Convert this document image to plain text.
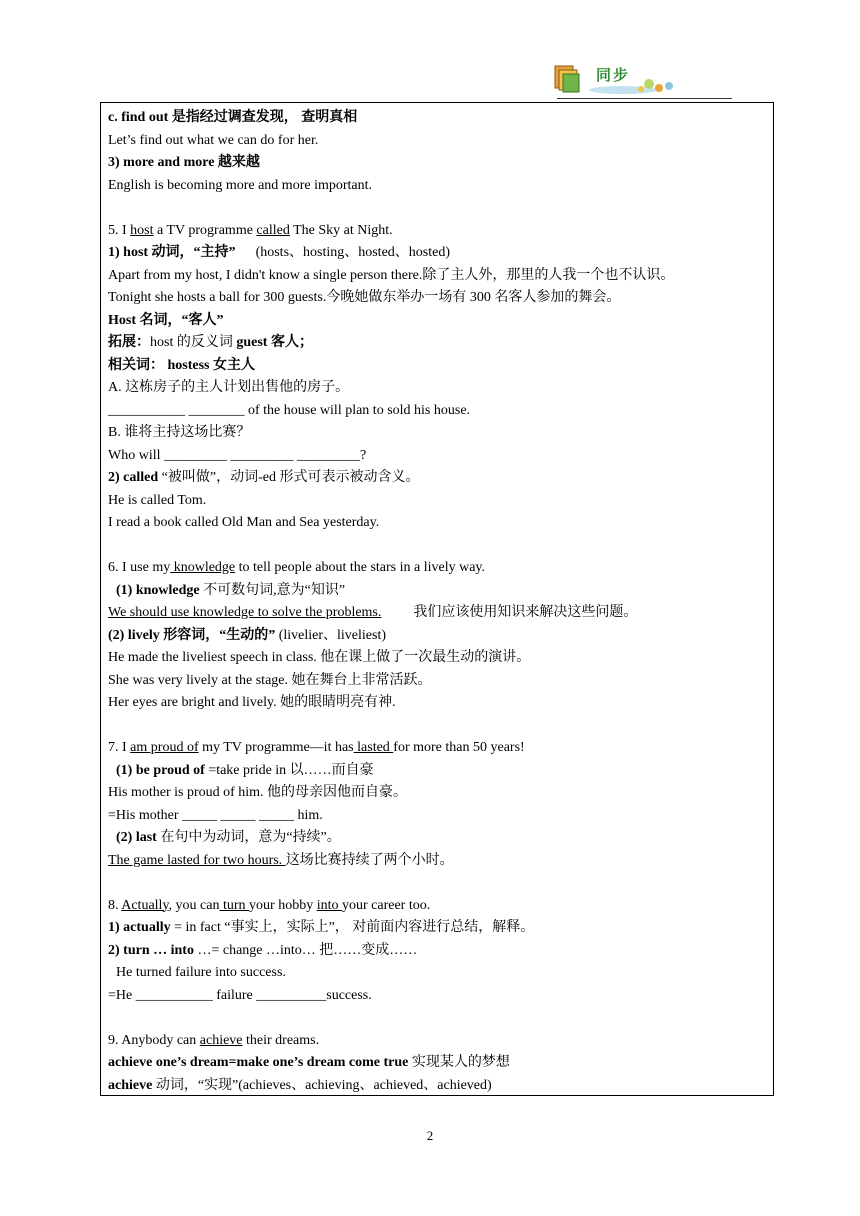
同步
c. find out 是指经过调查发现， 查明真相
Let’s find out what we can do for her.
3) more and more 越来越
English is becoming more and more important.
5. I host a TV programme called The Sky at Night.
1) host 动词，“主持” (hosts、hosting、hosted、hosted)
Apart from my host, I didn't know a single person there.除了主人外，那里的人我一个也不认识。
Tonight she hosts a ball for 300 guests.今晚她做东举办一场有 300 名客人参加的舞会。
Host 名词，“客人”
拓展：host 的反义词 guest 客人；
相关词： hostess 女主人
A. 这栋房子的主人计划出售他的房子。
___________ ________ of the house will plan to sold his house.
B. 谁将主持这场比赛？
Who will _________ _________ _________?
2) called “被叫做”，动词-ed 形式可表示被动含义。
He is called Tom.
I read a book called Old Man and Sea yesterday.
6. I use my knowledge to tell people about the stars in a lively way.
(1) knowledge 不可数句词,意为“知识”
We should use knowledge to solve the problems. 我们应该使用知识来解决这些问题。
(2) lively 形容词，“生动的” (livelier、liveliest)
He made the liveliest speech in class. 他在课上做了一次最生动的演讲。
She was very lively at the stage. 她在舞台上非常活跃。
Her eyes are bright and lively. 她的眼睛明亮有神.
7. I am proud of my TV programme—it has lasted for more than 50 years!
(1) be proud of =take pride in 以……而自豪
His mother is proud of him. 他的母亲因他而自豪。
=His mother _____ _____ _____ him.
(2) last 在句中为动词，意为“持续”。
The game lasted for two hours. 这场比赛持续了两个小时。
8. Actually, you can turn your hobby into your career too.
1) actually = in fact “事实上，实际上”， 对前面内容进行总结，解释。
2) turn … into …= change …into… 把……变成……
He turned failure into success.
=He ___________ failure __________success.
9. Anybody can achieve their dreams.
achieve one’s dream=make one’s dream come true 实现某人的梦想
achieve 动词，“实现”(achieves、achieving、achieved、achieved)
2
